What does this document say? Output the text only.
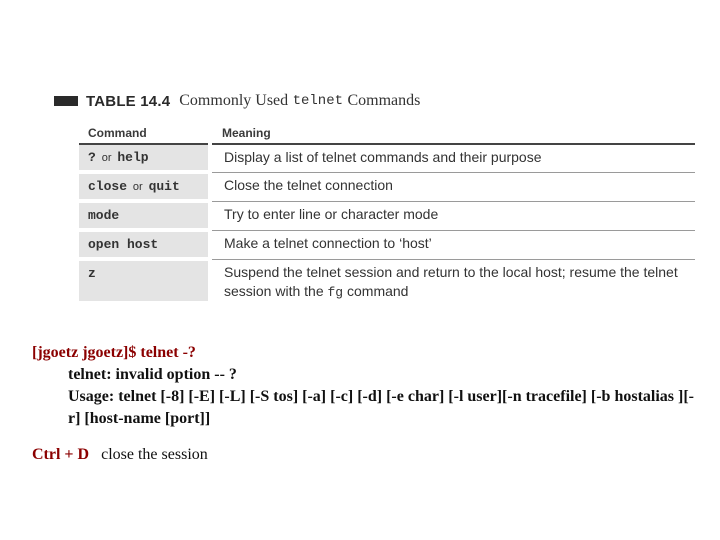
TABLE 14.4 Commonly Used
telnet
Commands
Command	Meaning
? or help	Display a list of telnet commands and their purpose
close or quit	Close the telnet connection
mode	Try to enter line or character mode
open host	Make a telnet connection to ‘host’
z	Suspend the telnet session and return to the local host; resume the telnet session with the fg command
[jgoetz jgoetz]$ telnet -?
telnet: invalid option -- ?
Usage: telnet [-8] [-E] [-L] [-S tos] [-a] [-c] [-d] [-e char] [-l user][-n tracefile] [-b hostalias ][-r] [host-name [port]]
Ctrl + D close the session
